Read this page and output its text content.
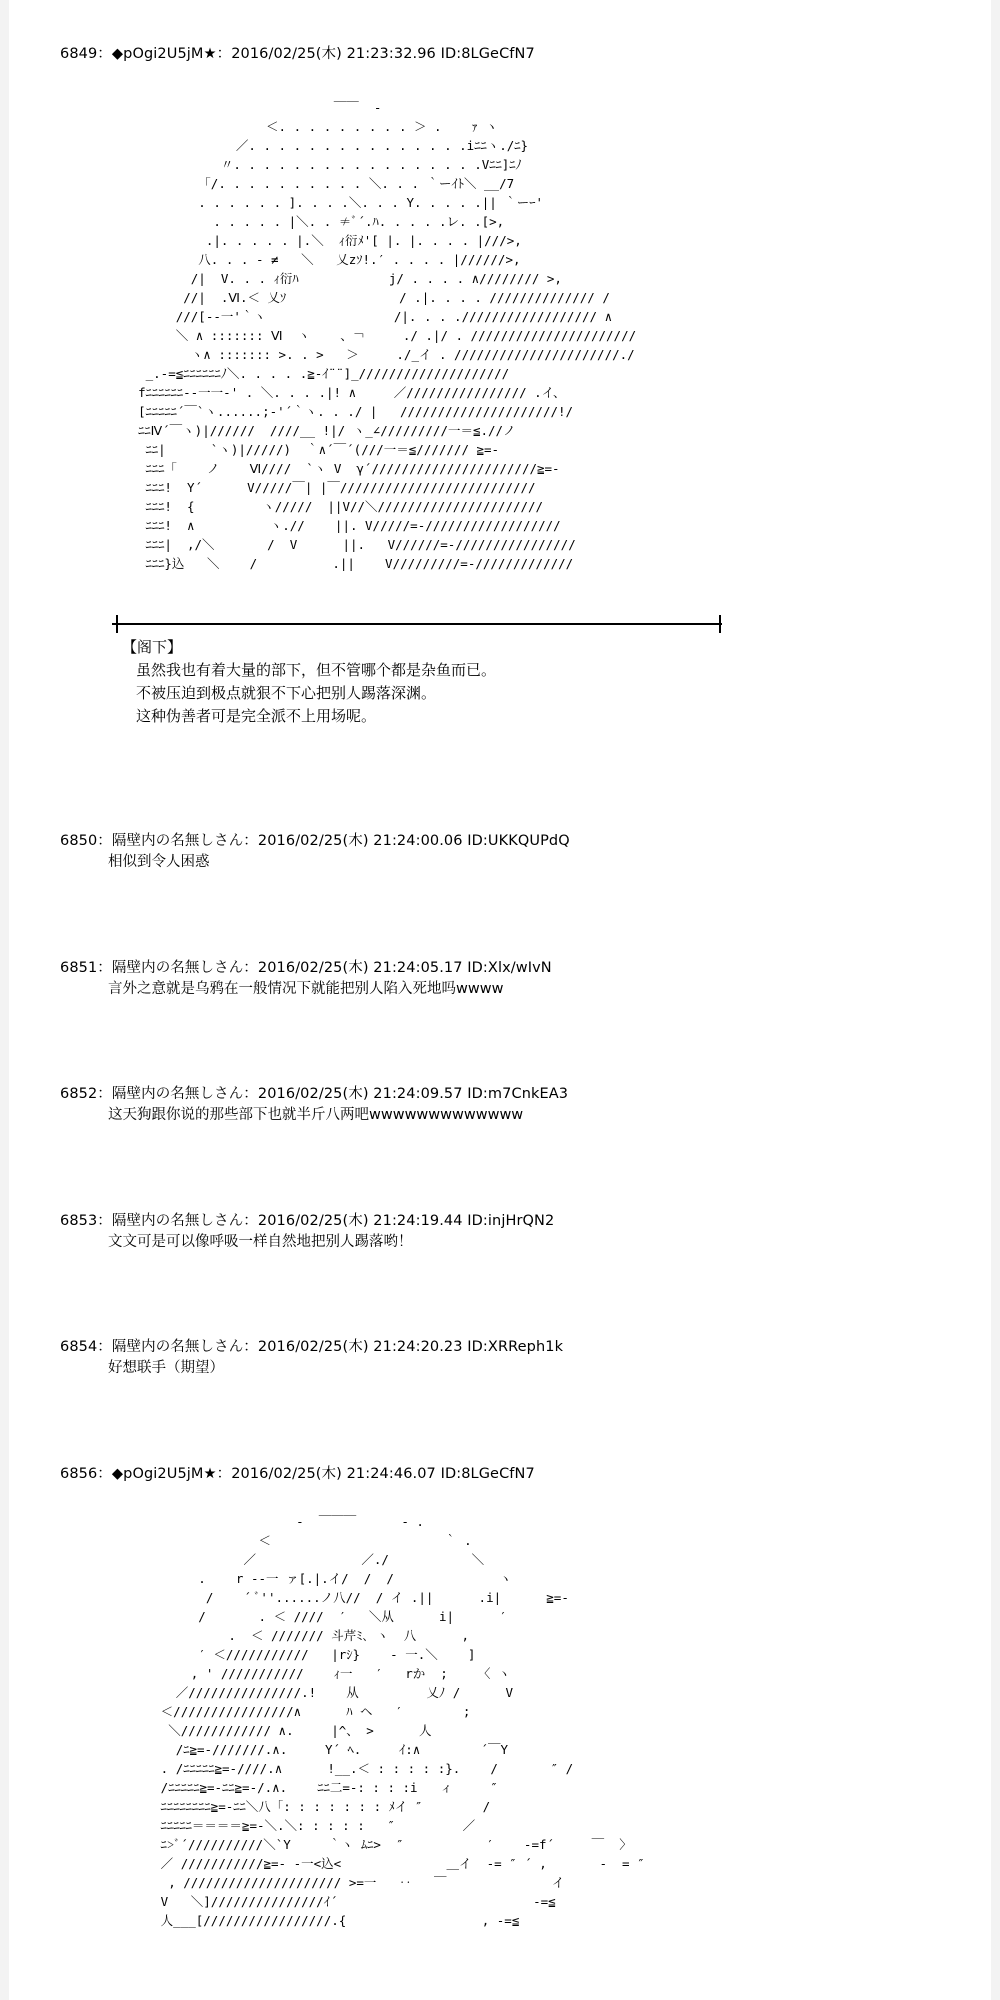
6849：◆pOgi2U5jM★：2016/02/25(木) 21:23:32.96 ID:8LGeCfN7
￣￣  -
＜. . . . . . . . . ＞ .    ｧ ヽ
／. . . . . . . . . . . . . . .iﾆﾆヽ./ﾆ}
〃. . . . . . . . . . . . . . . . .Vﾆﾆ]ﾆﾉ
「/. . . . . . . . . . ＼. . . ｀ーｲﾄ＼ __/7
. . . . . . ]. . . .＼. . . Y. . . . .|| ｀ーｰ'
. . . . . |＼. . ≠ﾞ´.ﾊ. . . . .レ. .[>,
.|. . . . . |.＼  ｨ衍ﾒ'[ |. |. . . . |///>,
八. . . - ≠   ＼   乂zｿ!.′ . . . . |//////>,
/|  V. . . ｨ衍ﾊ            j/ . . . . ∧//////// >,
//|  .Ⅵ.＜ 乂ｿ               / .|. . . . ////////////// /
///[--一'｀ヽ                 /|. . . .////////////////// ∧
＼ ∧ ::::::: Ⅵ  ヽ    、￢     ./ .|/ . //////////////////////
ヽ∧ ::::::: >. . >   ＞     ./_イ . //////////////////////./
_.-=≦ﾆﾆﾆﾆﾆﾆﾉ＼. . . . .≧-ｲ¨¨]_////////////////////
fﾆﾆﾆﾆﾆﾆ--一一‐' . ＼. . . .|! ∧     ／//////////////// .イ、
[ﾆﾆﾆﾆﾆ´￣`ヽ......;‐'´｀ヽ. . ./ |   /////////////////////!/
ﾆﾆⅣ´￣ヽ)|//////  ////__ !|/ ヽ_∠/////////一＝≦.//ノ
ﾆﾆ|      `ヽ)|/////)  ｀∧´￣´(///一＝≦/////// ≧=-
ﾆﾆﾆ「    ノ    Ⅵ////  `ヽ V  γ´//////////////////////≧=-
ﾆﾆﾆ!  Y´      V/////￣| |￣//////////////////////////
ﾆﾆﾆ!  {         ヽ/////  ||V//＼//////////////////////
ﾆﾆﾆ!  ∧          ヽ.//    ||. V/////=-//////////////////
ﾆﾆﾆ|  ,/＼       /  V      ||.   V//////=-////////////////
ﾆﾆﾆ}込   ＼    /          .||    V/////////=-/////////////
【阁下】
虽然我也有着大量的部下，但不管哪个都是杂鱼而已。
不被压迫到极点就狠不下心把别人踢落深渊。
这种伪善者可是完全派不上用场呢。
6850：隔壁内の名無しさん：2016/02/25(木) 21:24:00.06 ID:UKKQUPdQ
相似到令人困惑
6851：隔壁内の名無しさん：2016/02/25(木) 21:24:05.17 ID:Xlx/wIvN
言外之意就是乌鸦在一般情况下就能把别人陷入死地吗wwww
6852：隔壁内の名無しさん：2016/02/25(木) 21:24:09.57 ID:m7CnkEA3
这天狗跟你说的那些部下也就半斤八两吧wwwwwwwwwwwww
6853：隔壁内の名無しさん：2016/02/25(木) 21:24:19.44 ID:injHrQN2
文文可是可以像呼吸一样自然地把别人踢落哟！
6854：隔壁内の名無しさん：2016/02/25(木) 21:24:20.23 ID:XRReph1k
好想联手（期望）
6856：◆pOgi2U5jM★：2016/02/25(木) 21:24:46.07 ID:8LGeCfN7
-  ￣￣￣      - .
＜                       ｀ .
／              ／./           ＼
.    r --一 ァ[.|.イ/  /  /              ヽ
/    ´ ﾞ''......ノ八//  / イ .||      .i|      ≧=-
/       . ＜ ////  ′   ＼从      i|      ′
.  ＜ /////// 斗芹ﾐ､ ヽ  八      ,
′ ＜///////////   |rｼ}    - 一.＼    ]
, ' ///////////    ｨ一   ′   rか  ;    〈 ヽ
／///////////////.!    从         乂ﾉ /      V
＜////////////////∧      ﾊ ヘ   ′        ;
＼//////////// ∧.     |^、 >      人
/ﾆ≧=-///////.∧.     Y´ ﾍ.     ｲ:∧        ´￣Y
. /ﾆﾆﾆﾆﾆ≧=-////.∧      !__.＜ : : : : :}.    /       ″ /
/ﾆﾆﾆﾆﾆ≧=-ﾆﾆ≧=-/.∧.    ﾆﾆ二=-: : : :i   ィ     ″
ﾆﾆﾆﾆﾆﾆﾆﾆ≧=-ﾆﾆ＼八「: : : : : : : ﾒイ ″        /
ﾆﾆﾆﾆﾆ＝＝＝＝≧=-＼.＼: : : : :   ″         ／
ﾆ>ﾞ´//////////＼`Y     ｀ヽ ﾑﾆ>  ″           ′    -=f´     ￣  〉
／ ///////////≧=- -一<込<              ＿イ  -= ″ ´ ,       ‐  = ″
, ///////////////////// >=一   ‥   ￣              イ
V   ＼]///////////////ｲ´                          -=≦
人___[/////////////////.{                  , -=≦
